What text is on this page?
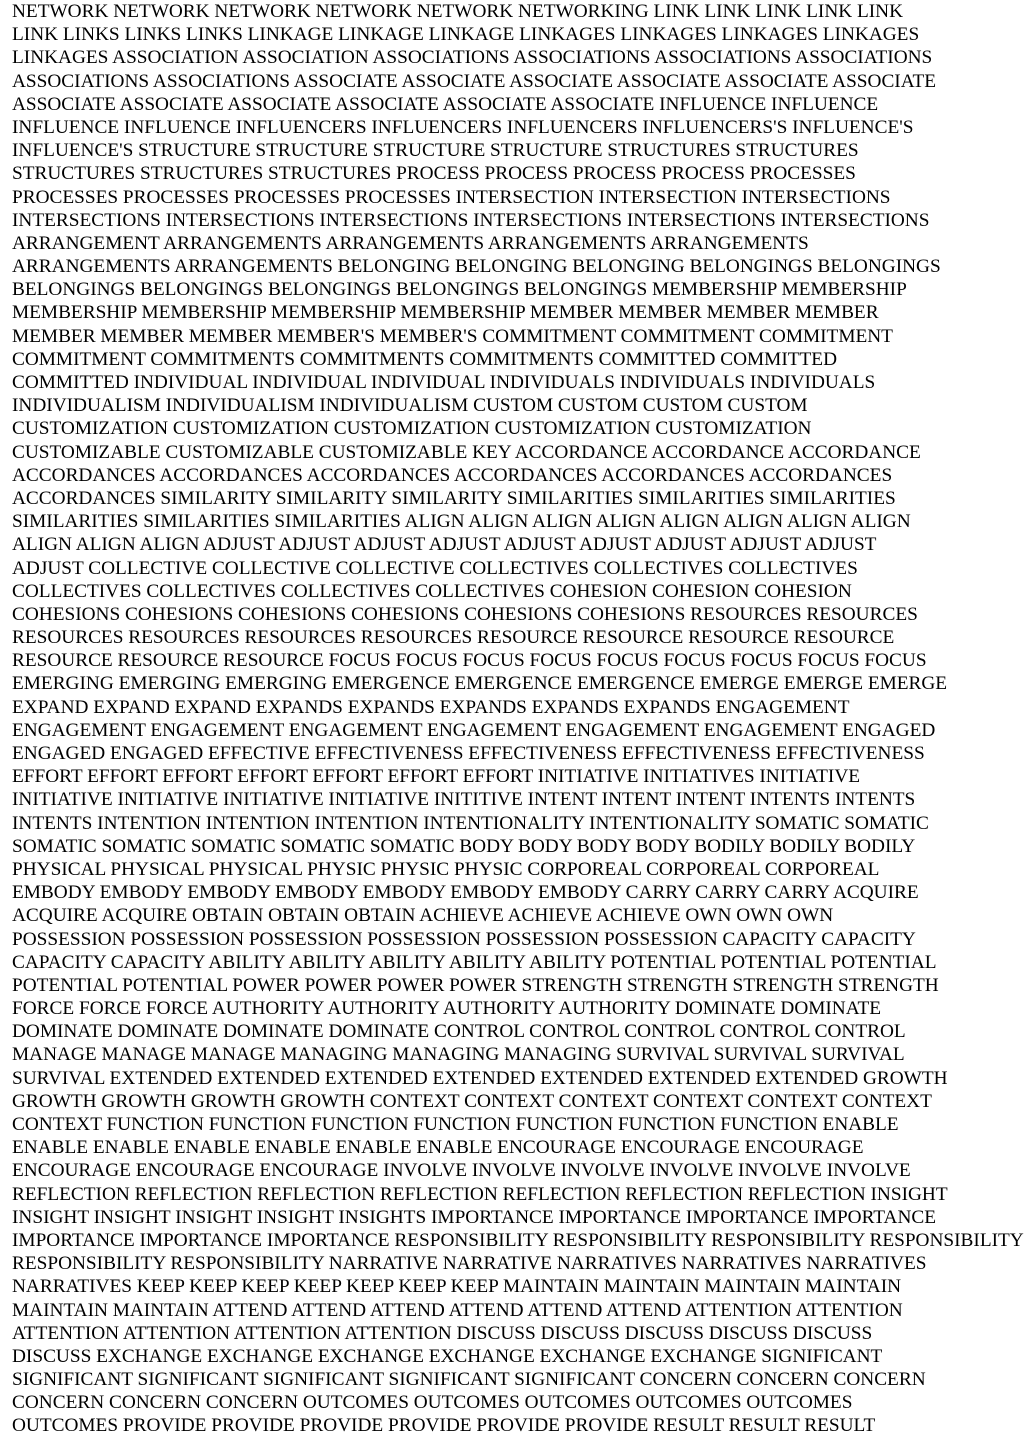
NETWORK NETWORK NETWORK NETWORK NETWORK NETWORKING LINK LINK LINK LINK LINK
LINK LINKS LINKS LINKS LINKAGE LINKAGE LINKAGE LINKAGES LINKAGES LINKAGES LINKAGES
LINKAGES ASSOCIATION ASSOCIATION ASSOCIATIONS ASSOCIATIONS ASSOCIATIONS ASSOCIATIONS
ASSOCIATIONS ASSOCIATIONS ASSOCIATE ASSOCIATE ASSOCIATE ASSOCIATE ASSOCIATE ASSOCIATE
ASSOCIATE ASSOCIATE ASSOCIATE ASSOCIATE ASSOCIATE ASSOCIATE INFLUENCE INFLUENCE
INFLUENCE INFLUENCE INFLUENCERS INFLUENCERS INFLUENCERS INFLUENCERS'S INFLUENCE'S
INFLUENCE'S STRUCTURE STRUCTURE STRUCTURE STRUCTURE STRUCTURES STRUCTURES
STRUCTURES STRUCTURES STRUCTURES PROCESS PROCESS PROCESS PROCESS PROCESSES
PROCESSES PROCESSES PROCESSES PROCESSES INTERSECTION INTERSECTION INTERSECTIONS
INTERSECTIONS INTERSECTIONS INTERSECTIONS INTERSECTIONS INTERSECTIONS INTERSECTIONS
ARRANGEMENT ARRANGEMENTS ARRANGEMENTS ARRANGEMENTS ARRANGEMENTS
ARRANGEMENTS ARRANGEMENTS BELONGING BELONGING BELONGING BELONGINGS BELONGINGS
BELONGINGS BELONGINGS BELONGINGS BELONGINGS BELONGINGS MEMBERSHIP MEMBERSHIP
MEMBERSHIP MEMBERSHIP MEMBERSHIP MEMBERSHIP MEMBER MEMBER MEMBER MEMBER
MEMBER MEMBER MEMBER MEMBER'S MEMBER'S COMMITMENT COMMITMENT COMMITMENT
COMMITMENT COMMITMENTS COMMITMENTS COMMITMENTS COMMITTED COMMITTED
COMMITTED INDIVIDUAL INDIVIDUAL INDIVIDUAL INDIVIDUALS INDIVIDUALS INDIVIDUALS
INDIVIDUALISM INDIVIDUALISM INDIVIDUALISM CUSTOM CUSTOM CUSTOM CUSTOM
CUSTOMIZATION CUSTOMIZATION CUSTOMIZATION CUSTOMIZATION CUSTOMIZATION
CUSTOMIZABLE CUSTOMIZABLE CUSTOMIZABLE KEY ACCORDANCE ACCORDANCE ACCORDANCE
ACCORDANCES ACCORDANCES ACCORDANCES ACCORDANCES ACCORDANCES ACCORDANCES
ACCORDANCES SIMILARITY SIMILARITY SIMILARITY SIMILARITIES SIMILARITIES SIMILARITIES
SIMILARITIES SIMILARITIES SIMILARITIES ALIGN ALIGN ALIGN ALIGN ALIGN ALIGN ALIGN ALIGN
ALIGN ALIGN ALIGN ADJUST ADJUST ADJUST ADJUST ADJUST ADJUST ADJUST ADJUST ADJUST
ADJUST COLLECTIVE COLLECTIVE COLLECTIVE COLLECTIVES COLLECTIVES COLLECTIVES
COLLECTIVES COLLECTIVES COLLECTIVES COLLECTIVES COHESION COHESION COHESION
COHESIONS COHESIONS COHESIONS COHESIONS COHESIONS COHESIONS RESOURCES RESOURCES
RESOURCES RESOURCES RESOURCES RESOURCES RESOURCE RESOURCE RESOURCE RESOURCE
RESOURCE RESOURCE RESOURCE FOCUS FOCUS FOCUS FOCUS FOCUS FOCUS FOCUS FOCUS FOCUS
EMERGING EMERGING EMERGING EMERGENCE EMERGENCE EMERGENCE EMERGE EMERGE EMERGE
EXPAND EXPAND EXPAND EXPANDS EXPANDS EXPANDS EXPANDS EXPANDS ENGAGEMENT
ENGAGEMENT ENGAGEMENT ENGAGEMENT ENGAGEMENT ENGAGEMENT ENGAGEMENT ENGAGED
ENGAGED ENGAGED EFFECTIVE EFFECTIVENESS EFFECTIVENESS EFFECTIVENESS EFFECTIVENESS
EFFORT EFFORT EFFORT EFFORT EFFORT EFFORT EFFORT INITIATIVE INITIATIVES INITIATIVE
INITIATIVE INITIATIVE INITIATIVE INITIATIVE INITITIVE INTENT INTENT INTENT INTENTS INTENTS
INTENTS INTENTION INTENTION INTENTION INTENTIONALITY INTENTIONALITY SOMATIC SOMATIC
SOMATIC SOMATIC SOMATIC SOMATIC SOMATIC BODY BODY BODY BODY BODILY BODILY BODILY
PHYSICAL PHYSICAL PHYSICAL PHYSIC PHYSIC PHYSIC CORPOREAL CORPOREAL CORPOREAL
EMBODY EMBODY EMBODY EMBODY EMBODY EMBODY EMBODY CARRY CARRY CARRY ACQUIRE
ACQUIRE ACQUIRE OBTAIN OBTAIN OBTAIN ACHIEVE ACHIEVE ACHIEVE OWN OWN OWN
POSSESSION POSSESSION POSSESSION POSSESSION POSSESSION POSSESSION CAPACITY CAPACITY
CAPACITY CAPACITY ABILITY ABILITY ABILITY ABILITY ABILITY POTENTIAL POTENTIAL POTENTIAL
POTENTIAL POTENTIAL POWER POWER POWER POWER STRENGTH STRENGTH STRENGTH STRENGTH
FORCE FORCE FORCE AUTHORITY AUTHORITY AUTHORITY AUTHORITY DOMINATE DOMINATE
DOMINATE DOMINATE DOMINATE DOMINATE CONTROL CONTROL CONTROL CONTROL CONTROL
MANAGE MANAGE MANAGE MANAGING MANAGING MANAGING SURVIVAL SURVIVAL SURVIVAL
SURVIVAL EXTENDED EXTENDED EXTENDED EXTENDED EXTENDED EXTENDED EXTENDED GROWTH
GROWTH GROWTH GROWTH GROWTH CONTEXT CONTEXT CONTEXT CONTEXT CONTEXT CONTEXT
CONTEXT FUNCTION FUNCTION FUNCTION FUNCTION FUNCTION FUNCTION FUNCTION ENABLE
ENABLE ENABLE ENABLE ENABLE ENABLE ENABLE ENCOURAGE ENCOURAGE ENCOURAGE
ENCOURAGE ENCOURAGE ENCOURAGE INVOLVE INVOLVE INVOLVE INVOLVE INVOLVE INVOLVE
REFLECTION REFLECTION REFLECTION REFLECTION REFLECTION REFLECTION REFLECTION INSIGHT
INSIGHT INSIGHT INSIGHT INSIGHT INSIGHTS IMPORTANCE IMPORTANCE IMPORTANCE IMPORTANCE
IMPORTANCE IMPORTANCE IMPORTANCE RESPONSIBILITY RESPONSIBILITY RESPONSIBILITY RESPONSIBILITY
RESPONSIBILITY RESPONSIBILITY NARRATIVE NARRATIVE NARRATIVES NARRATIVES NARRATIVES
NARRATIVES KEEP KEEP KEEP KEEP KEEP KEEP KEEP MAINTAIN MAINTAIN MAINTAIN MAINTAIN
MAINTAIN MAINTAIN ATTEND ATTEND ATTEND ATTEND ATTEND ATTEND ATTENTION ATTENTION
ATTENTION ATTENTION ATTENTION ATTENTION DISCUSS DISCUSS DISCUSS DISCUSS DISCUSS
DISCUSS EXCHANGE EXCHANGE EXCHANGE EXCHANGE EXCHANGE EXCHANGE SIGNIFICANT
SIGNIFICANT SIGNIFICANT SIGNIFICANT SIGNIFICANT SIGNIFICANT CONCERN CONCERN CONCERN
CONCERN CONCERN CONCERN OUTCOMES OUTCOMES OUTCOMES OUTCOMES OUTCOMES
OUTCOMES PROVIDE PROVIDE PROVIDE PROVIDE PROVIDE PROVIDE RESULT RESULT RESULT
